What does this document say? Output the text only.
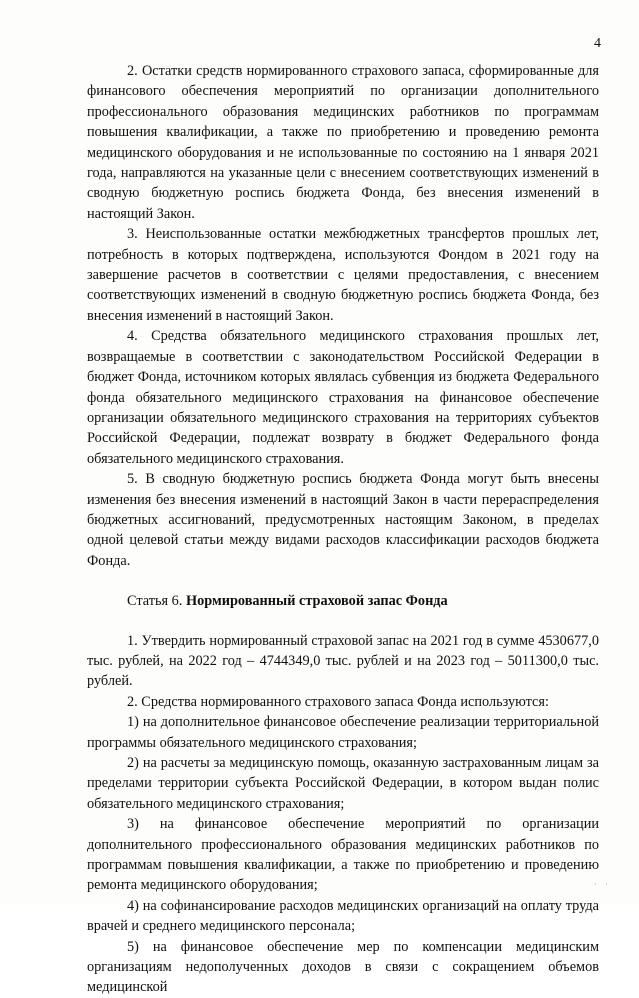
4

2. Остатки средств нормированного страхового запаса, сформированные для финансового обеспечения мероприятий по организации дополнительного профессионального образования медицинских работников по программам повышения квалификации, а также по приобретению и проведению ремонта медицинского оборудования и не использованные по состоянию на 1 января 2021 года, направляются на указанные цели с внесением соответствующих изменений в сводную бюджетную роспись бюджета Фонда, без внесения изменений в настоящий Закон.

3. Неиспользованные остатки межбюджетных трансфертов прошлых лет, потребность в которых подтверждена, используются Фондом в 2021 году на завершение расчетов в соответствии с целями предоставления, с внесением соответствующих изменений в сводную бюджетную роспись бюджета Фонда, без внесения изменений в настоящий Закон.

4. Средства обязательного медицинского страхования прошлых лет, возвращаемые в соответствии с законодательством Российской Федерации в бюджет Фонда, источником которых являлась субвенция из бюджета Федерального фонда обязательного медицинского страхования на финансовое обеспечение организации обязательного медицинского страхования на территориях субъектов Российской Федерации, подлежат возврату в бюджет Федерального фонда обязательного медицинского страхования.

5. В сводную бюджетную роспись бюджета Фонда могут быть внесены изменения без внесения изменений в настоящий Закон в части перераспределения бюджетных ассигнований, предусмотренных настоящим Законом, в пределах одной целевой статьи между видами расходов классификации расходов бюджета Фонда.

Статья 6. Нормированный страховой запас Фонда

1. Утвердить нормированный страховой запас на 2021 год в сумме 4530677,0 тыс. рублей, на 2022 год – 4744349,0 тыс. рублей и на 2023 год – 5011300,0 тыс. рублей.

2. Средства нормированного страхового запаса Фонда используются:

1) на дополнительное финансовое обеспечение реализации территориальной программы обязательного медицинского страхования;

2) на расчеты за медицинскую помощь, оказанную застрахованным лицам за пределами территории субъекта Российской Федерации, в котором выдан полис обязательного медицинского страхования;

3) на финансовое обеспечение мероприятий по организации дополнительного профессионального образования медицинских работников по программам повышения квалификации, а также по приобретению и проведению ремонта медицинского оборудования;

4) на софинансирование расходов медицинских организаций на оплату труда врачей и среднего медицинского персонала;

5) на финансовое обеспечение мер по компенсации медицинским организациям недополученных доходов в связи с сокращением объемов медицинской

· ·
